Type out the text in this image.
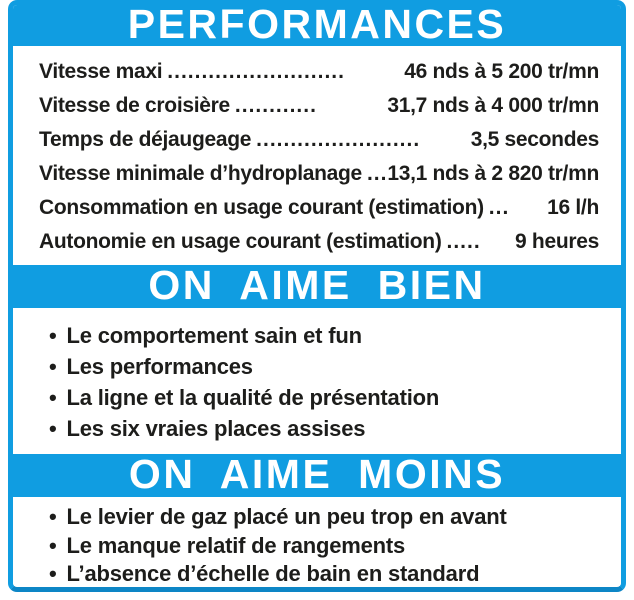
PERFORMANCES
Vitesse maxi ..........................	46 nds à 5 200 tr/mn
Vitesse de croisière ............	31,7 nds à 4 000 tr/mn
Temps de déjaugeage ........................	3,5 secondes
Vitesse minimale d’hydroplanage ... 13,1 nds à 2 820 tr/mn
Consommation en usage courant (estimation) ...	16 l/h
Autonomie en usage courant (estimation) .....	9 heures
ON AIME BIEN
• Le comportement sain et fun
• Les performances
• La ligne et la qualité de présentation
• Les six vraies places assises
ON AIME MOINS
• Le levier de gaz placé un peu trop en avant
• Le manque relatif de rangements
• L’absence d’échelle de bain en standard
